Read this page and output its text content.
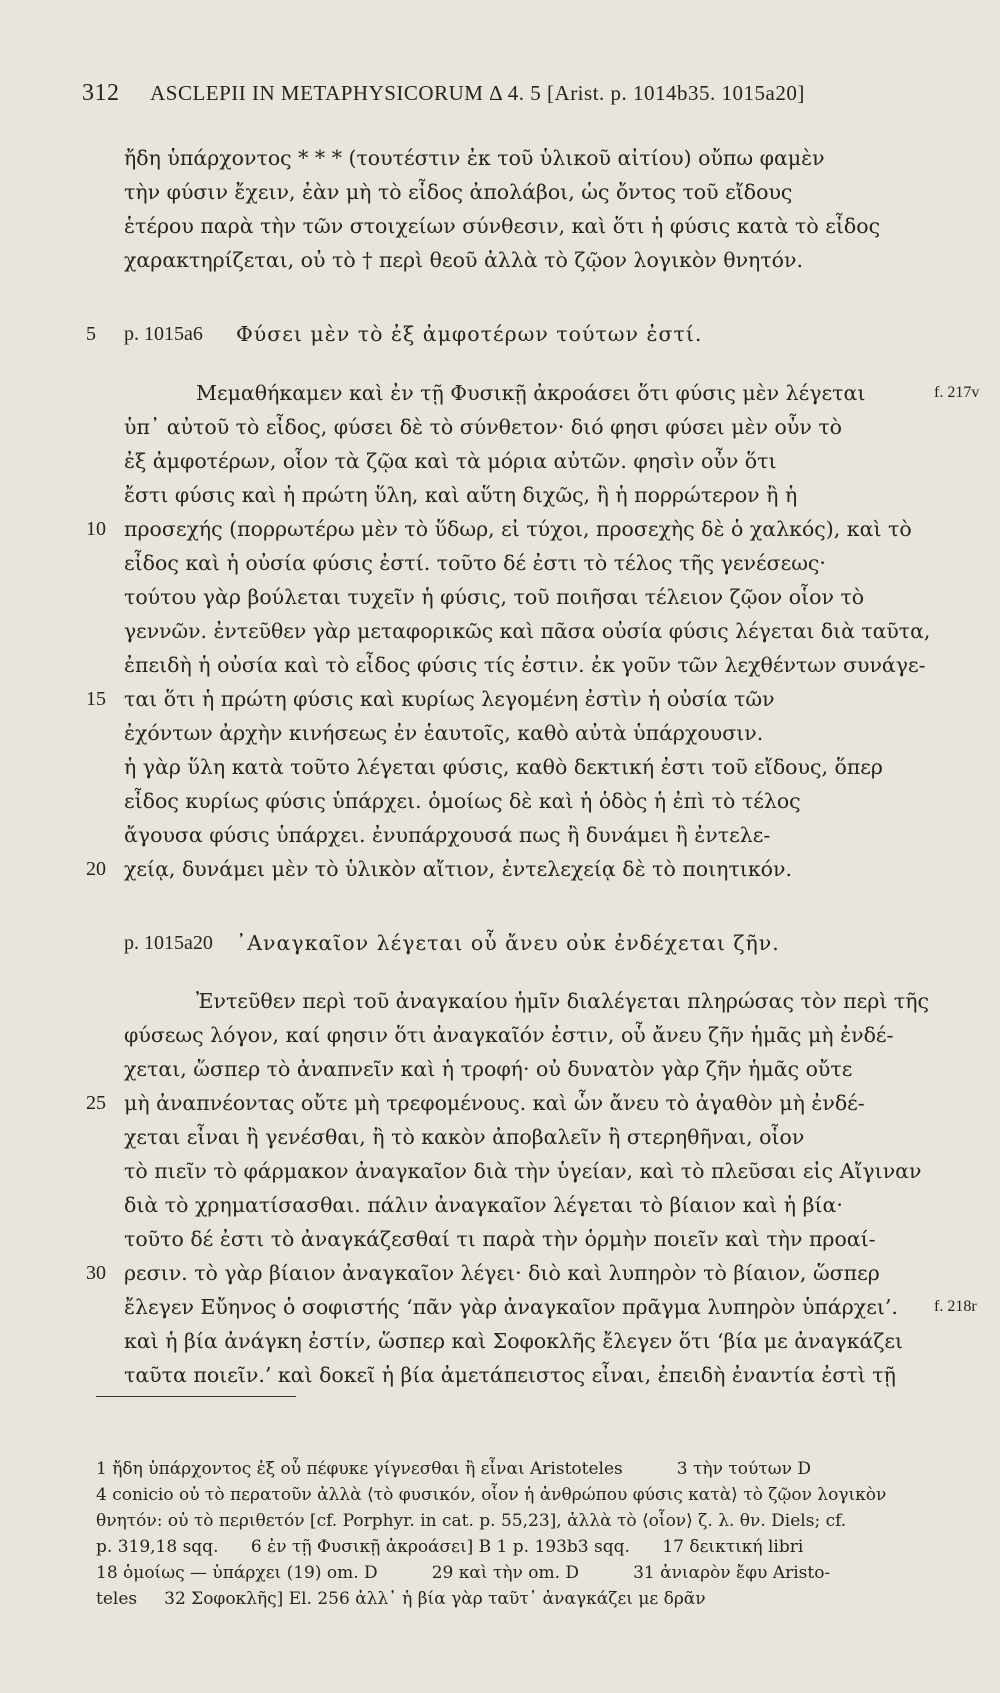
312 ASCLEPII IN METAPHYSICORUM Δ 4. 5 [Arist. p. 1014b35. 1015a20]
ἤδη ὑπάρχοντος * * * (τουτέστιν ἐκ τοῦ ὑλικοῦ αἰτίου) οὔπω φαμὲν
τὴν φύσιν ἔχειν, ἐὰν μὴ τὸ εἶδος ἀπολάβοι, ὡς ὄντος τοῦ εἴδους
ἑτέρου παρὰ τὴν τῶν στοιχείων σύνθεσιν, καὶ ὅτι ἡ φύσις κατὰ τὸ εἶδος
χαρακτηρίζεται, οὐ τὸ † περὶ θεοῦ ἀλλὰ τὸ ζῷον λογικὸν θνητόν.
5	p. 1015a6 Φύσει μὲν τὸ ἐξ ἀμφοτέρων τούτων ἐστί.
Μεμαθήκαμεν καὶ ἐν τῇ Φυσικῇ ἀκροάσει ὅτι φύσις μὲν λέγεται	f. 217v
ὑπ᾽ αὐτοῦ τὸ εἶδος, φύσει δὲ τὸ σύνθετον· διό φησι φύσει μὲν οὖν τὸ
ἐξ ἀμφοτέρων, οἷον τὰ ζῷα καὶ τὰ μόρια αὐτῶν. φησὶν οὖν ὅτι
ἔστι φύσις καὶ ἡ πρώτη ὕλη, καὶ αὕτη διχῶς, ἢ ἡ πορρώτερον ἢ ἡ
10 προσεχής (πορρωτέρω μὲν τὸ ὕδωρ, εἰ τύχοι, προσεχὴς δὲ ὁ χαλκός), καὶ τὸ
εἶδος καὶ ἡ οὐσία φύσις ἐστί. τοῦτο δέ ἐστι τὸ τέλος τῆς γενέσεως·
τούτου γὰρ βούλεται τυχεῖν ἡ φύσις, τοῦ ποιῆσαι τέλειον ζῷον οἷον τὸ
γεννῶν. ἐντεῦθεν γὰρ μεταφορικῶς καὶ πᾶσα οὐσία φύσις λέγεται διὰ ταῦτα,
ἐπειδὴ ἡ οὐσία καὶ τὸ εἶδος φύσις τίς ἐστιν. ἐκ γοῦν τῶν λεχθέντων συνάγε-
15 ται ὅτι ἡ πρώτη φύσις καὶ κυρίως λεγομένη ἐστὶν ἡ οὐσία τῶν
ἐχόντων ἀρχὴν κινήσεως ἐν ἑαυτοῖς, καθὸ αὐτὰ ὑπάρχουσιν.
ἡ γὰρ ὕλη κατὰ τοῦτο λέγεται φύσις, καθὸ δεκτική ἐστι τοῦ εἴδους, ὅπερ
εἶδος κυρίως φύσις ὑπάρχει. ὁμοίως δὲ καὶ ἡ ὁδὸς ἡ ἐπὶ τὸ τέλος
ἄγουσα φύσις ὑπάρχει. ἐνυπάρχουσά πως ἢ δυνάμει ἢ ἐντελε-
20 χείᾳ, δυνάμει μὲν τὸ ὑλικὸν αἴτιον, ἐντελεχείᾳ δὲ τὸ ποιητικόν.
p. 1015a20 ᾿Αναγκαῖον λέγεται οὗ ἄνευ οὐκ ἐνδέχεται ζῆν.
Ἐντεῦθεν περὶ τοῦ ἀναγκαίου ἡμῖν διαλέγεται πληρώσας τὸν περὶ τῆς
φύσεως λόγον, καί φησιν ὅτι ἀναγκαῖόν ἐστιν, οὗ ἄνευ ζῆν ἡμᾶς μὴ ἐνδέ-
χεται, ὥσπερ τὸ ἀναπνεῖν καὶ ἡ τροφή· οὐ δυνατὸν γὰρ ζῆν ἡμᾶς οὔτε
25 μὴ ἀναπνέοντας οὔτε μὴ τρεφομένους. καὶ ὧν ἄνευ τὸ ἀγαθὸν μὴ ἐνδέ-
χεται εἶναι ἢ γενέσθαι, ἢ τὸ κακὸν ἀποβαλεῖν ἢ στερηθῆναι, οἷον
τὸ πιεῖν τὸ φάρμακον ἀναγκαῖον διὰ τὴν ὑγείαν, καὶ τὸ πλεῦσαι εἰς Αἴγιναν
διὰ τὸ χρηματίσασθαι. πάλιν ἀναγκαῖον λέγεται τὸ βίαιον καὶ ἡ βία·
τοῦτο δέ ἐστι τὸ ἀναγκάζεσθαί τι παρὰ τὴν ὁρμὴν ποιεῖν καὶ τὴν προαί-
30 ρεσιν. τὸ γὰρ βίαιον ἀναγκαῖον λέγει· διὸ καὶ λυπηρὸν τὸ βίαιον, ὥσπερ
ἔλεγεν Εὔηνος ὁ σοφιστής ‘πᾶν γὰρ ἀναγκαῖον πρᾶγμα λυπηρὸν ὑπάρχει’. f. 218r
καὶ ἡ βία ἀνάγκη ἐστίν, ὥσπερ καὶ Σοφοκλῆς ἔλεγεν ὅτι ‘βία με ἀναγκάζει
ταῦτα ποιεῖν.’ καὶ δοκεῖ ἡ βία ἀμετάπειστος εἶναι, ἐπειδὴ ἐναντία ἐστὶ τῇ
1 ἤδη ὑπάρχοντος ἐξ οὗ πέφυκε γίγνεσθαι ἢ εἶναι Aristoteles          3 τὴν τούτων D
4 conicio οὐ τὸ περατοῦν ἀλλὰ ⟨τὸ φυσικόν, οἷον ἡ ἀνθρώπου φύσις κατὰ⟩ τὸ ζῷον λογικὸν
θνητόν: οὐ τὸ περιθετόν [cf. Porphyr. in cat. p. 55,23], ἀλλὰ τὸ ⟨οἷον⟩ ζ. λ. θν. Diels; cf.
p. 319,18 sqq.      6 ἐν τῇ Φυσικῇ ἀκροάσει] B 1 p. 193b3 sqq.      17 δεικτική libri
18 ὁμοίως — ὑπάρχει (19) om. D          29 καὶ τὴν om. D          31 ἀνιαρὸν ἔφυ Aristo-
teles     32 Σοφοκλῆς] El. 256 ἀλλ᾽ ἡ βία γὰρ ταῦτ᾽ ἀναγκάζει με δρᾶν
